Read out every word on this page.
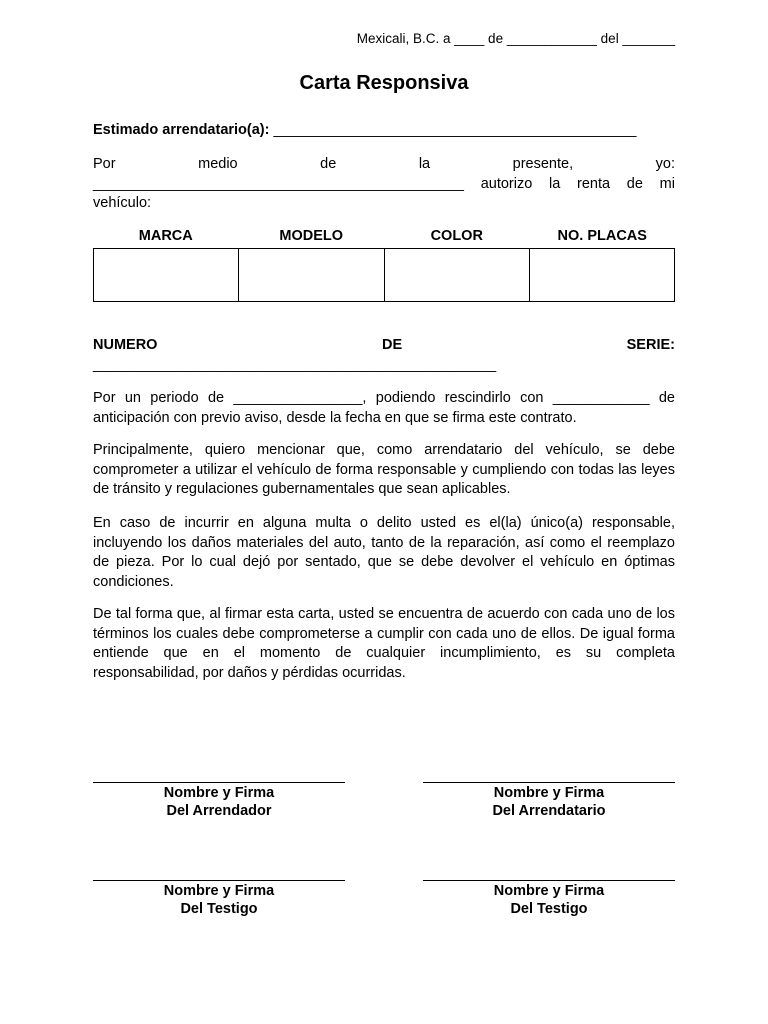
Mexicali, B.C. a ____ de ____________ del _______
Carta Responsiva
Estimado arrendatario(a): _____________________________________________
Por	medio	de	la	presente,	yo:
______________________________________________ autorizo la renta de mi
vehículo:
MARCA	MODELO	COLOR	NO. PLACAS
NUMERO	DE	SERIE:
__________________________________________________
Por un periodo de ________________, podiendo rescindirlo con ____________ de anticipación con previo aviso, desde la fecha en que se firma este contrato.
Principalmente, quiero mencionar que, como arrendatario del vehículo, se debe comprometer a utilizar el vehículo de forma responsable y cumpliendo con todas las leyes de tránsito y regulaciones gubernamentales que sean aplicables.
En caso de incurrir en alguna multa o delito usted es el(la) único(a) responsable, incluyendo los daños materiales del auto, tanto de la reparación, así como el reemplazo de pieza. Por lo cual dejó por sentado, que se debe devolver el vehículo en óptimas condiciones.
De tal forma que, al firmar esta carta, usted se encuentra de acuerdo con cada uno de los términos los cuales debe comprometerse a cumplir con cada uno de ellos. De igual forma entiende que en el momento de cualquier incumplimiento, es su completa responsabilidad, por daños y pérdidas ocurridas.
Nombre y Firma
Del Arrendador
Nombre y Firma
Del Arrendatario
Nombre y Firma
Del Testigo
Nombre y Firma
Del Testigo
